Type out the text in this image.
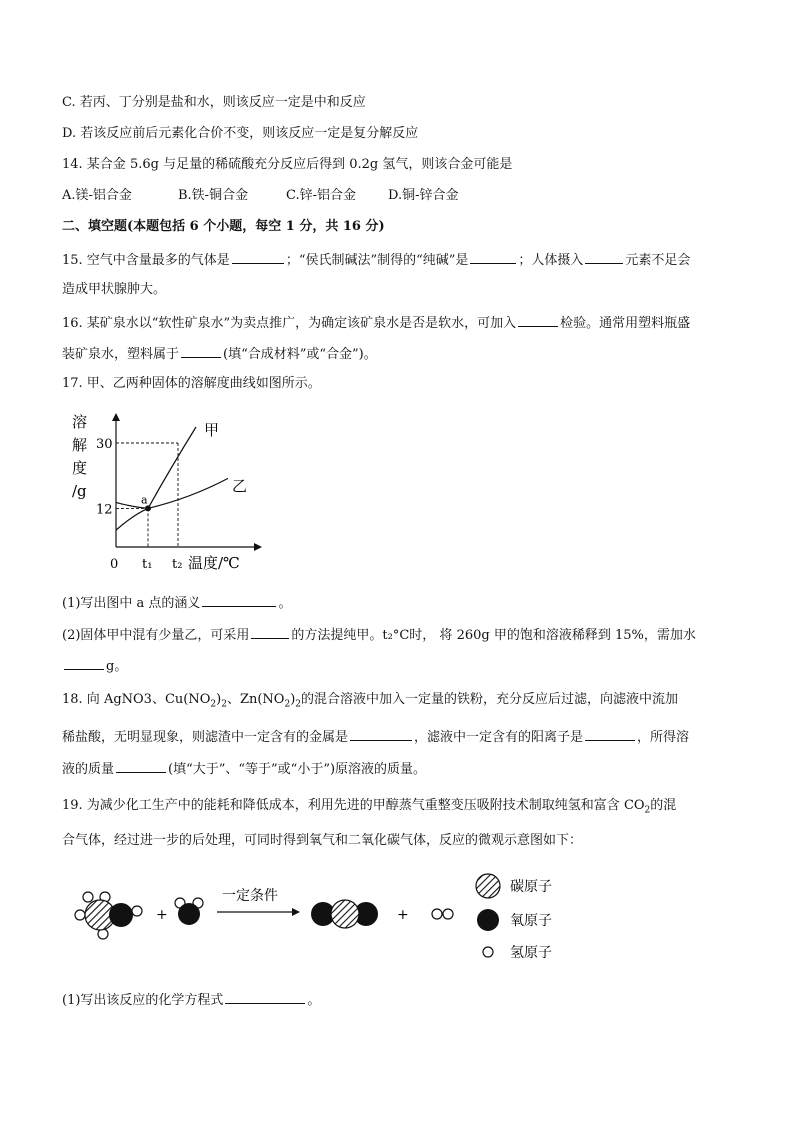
C. 若丙、丁分别是盐和水，则该反应一定是中和反应
D. 若该反应前后元素化合价不变，则该反应一定是复分解反应
14. 某合金 5.6g 与足量的稀硫酸充分反应后得到 0.2g 氢气，则该合金可能是
A.镁-铝合金	B.铁-铜合金	C.锌-铝合金 D.铜-锌合金
二、填空题(本题包括 6 个小题，每空 1 分，共 16 分)
15. 空气中含量最多的气体是	；“侯氏制碱法”制得的“纯碱”是	；人体摄入	元素不足会
造成甲状腺肿大。
16. 某矿泉水以“软性矿泉水”为卖点推广，为确定该矿泉水是否是软水，可加入	检验。通常用塑料瓶盛
装矿泉水，塑料属于	(填“合成材料”或“合金”)。
17. 甲、乙两种固体的溶解度曲线如图所示。
溶
解
度
/g
温度/℃
0
30
12
t₁ t₂
甲
乙
a
(1)写出图中 a 点的涵义	。
(2)固体甲中混有少量乙，可采用	的方法提纯甲。t₂°C时， 将 260g 甲的饱和溶液稀释到 15%，需加水
g。
18. 向 AgNO3、$Cu(NO_2)_2$、$Zn(NO_2)_2$的混合溶液中加入一定量的铁粉，充分反应后过滤，向滤液中流加
稀盐酸，无明显现象，则滤渣中一定含有的金属是	，滤液中一定含有的阳离子是	，所得溶
液的质量	(填“大于”、“等于”或“小于”)原溶液的质量。
19. 为减少化工生产中的能耗和降低成本，利用先进的甲醇蒸气重整变压吸附技术制取纯氢和富含 $CO_2$的混
合气体，经过进一步的后处理，可同时得到氧气和二氧化碳气体，反应的微观示意图如下：
+
一定条件
+
碳原子
氧原子
氢原子
(1)写出该反应的化学方程式	。
